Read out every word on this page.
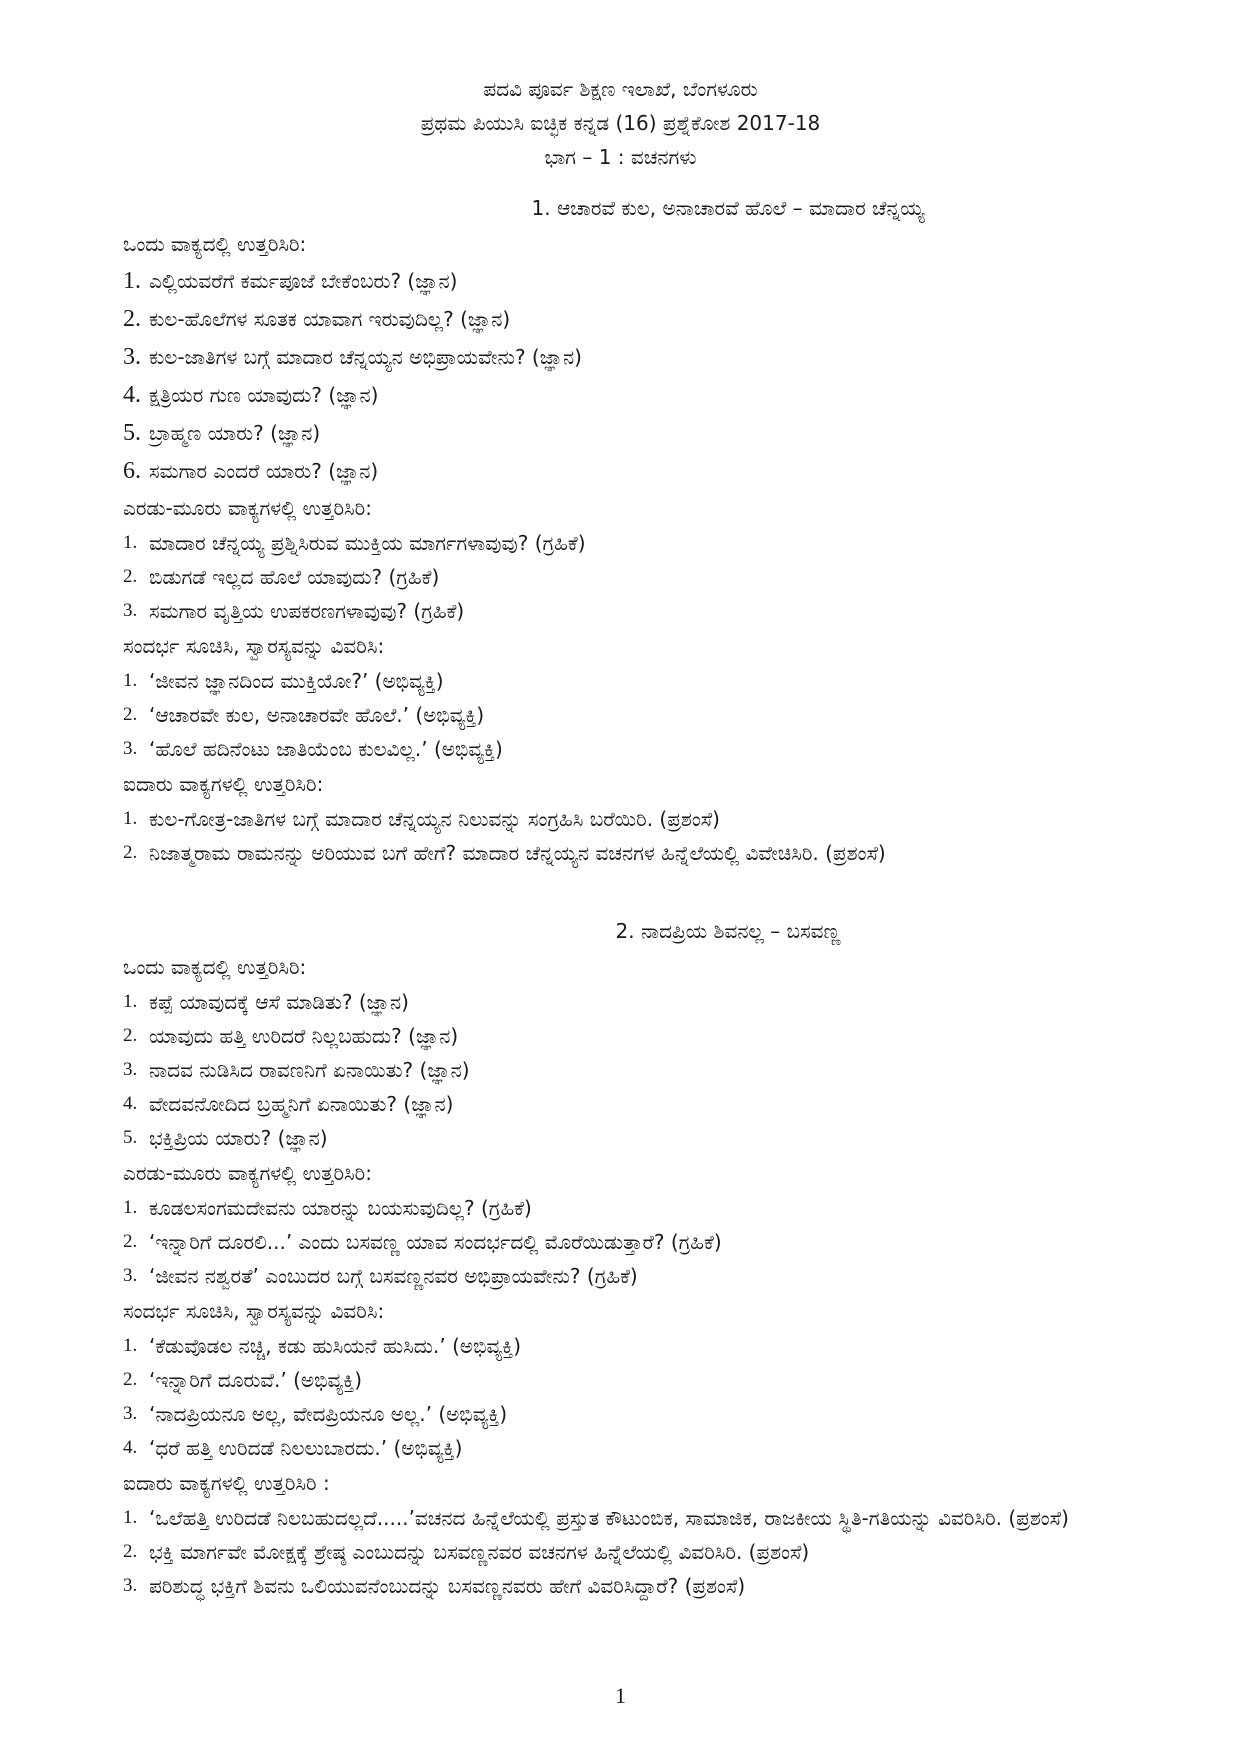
ಪದವಿ ಪೂರ್ವ ಶಿಕ್ಷಣ ಇಲಾಖೆ, ಬೆಂಗಳೂರು
ಪ್ರಥಮ ಪಿಯುಸಿ ಐಚ್ಛಿಕ ಕನ್ನಡ (16) ಪ್ರಶ್ನೆಕೋಶ 2017-18
ಭಾಗ – 1 : ವಚನಗಳು
1. ಆಚಾರವೆ ಕುಲ, ಅನಾಚಾರವೆ ಹೊಲೆ – ಮಾದಾರ ಚೆನ್ನಯ್ಯ
ಒಂದು ವಾಕ್ಯದಲ್ಲಿ ಉತ್ತರಿಸಿರಿ:
1. ಎಲ್ಲಿಯವರೆಗೆ ಕರ್ಮಪೂಜೆ ಬೇಕೆಂಬರು? (ಜ್ಞಾನ)
2. ಕುಲ-ಹೊಲೆಗಳ ಸೂತಕ ಯಾವಾಗ ಇರುವುದಿಲ್ಲ? (ಜ್ಞಾನ)
3. ಕುಲ-ಜಾತಿಗಳ ಬಗ್ಗೆ ಮಾದಾರ ಚೆನ್ನಯ್ಯನ ಅಭಿಪ್ರಾಯವೇನು? (ಜ್ಞಾನ)
4. ಕ್ಷತ್ರಿಯರ ಗುಣ ಯಾವುದು? (ಜ್ಞಾನ)
5. ಬ್ರಾಹ್ಮಣ ಯಾರು? (ಜ್ಞಾನ)
6. ಸಮಗಾರ ಎಂದರೆ ಯಾರು? (ಜ್ಞಾನ)
ಎರಡು-ಮೂರು ವಾಕ್ಯಗಳಲ್ಲಿ ಉತ್ತರಿಸಿರಿ:
1. ಮಾದಾರ ಚೆನ್ನಯ್ಯ ಪ್ರಶ್ನಿಸಿರುವ ಮುಕ್ತಿಯ ಮಾರ್ಗಗಳಾವುವು? (ಗ್ರಹಿಕೆ)
2. ಬಿಡುಗಡೆ ಇಲ್ಲದ ಹೊಲೆ ಯಾವುದು? (ಗ್ರಹಿಕೆ)
3. ಸಮಗಾರ ವೃತ್ತಿಯ ಉಪಕರಣಗಳಾವುವು? (ಗ್ರಹಿಕೆ)
ಸಂದರ್ಭ ಸೂಚಿಸಿ, ಸ್ವಾರಸ್ಯವನ್ನು ವಿವರಿಸಿ:
1. ‘ಜೀವನ ಜ್ಞಾನದಿಂದ ಮುಕ್ತಿಯೋ?’ (ಅಭಿವ್ಯಕ್ತಿ)
2. ‘ಆಚಾರವೇ ಕುಲ, ಅನಾಚಾರವೇ ಹೊಲೆ.’ (ಅಭಿವ್ಯಕ್ತಿ)
3. ‘ಹೊಲೆ ಹದಿನೆಂಟು ಜಾತಿಯೆಂಬ ಕುಲವಿಲ್ಲ.’ (ಅಭಿವ್ಯಕ್ತಿ)
ಐದಾರು ವಾಕ್ಯಗಳಲ್ಲಿ ಉತ್ತರಿಸಿರಿ:
1. ಕುಲ-ಗೋತ್ರ-ಜಾತಿಗಳ ಬಗ್ಗೆ ಮಾದಾರ ಚೆನ್ನಯ್ಯನ ನಿಲುವನ್ನು ಸಂಗ್ರಹಿಸಿ ಬರೆಯಿರಿ. (ಪ್ರಶಂಸೆ)
2. ನಿಜಾತ್ಮರಾಮ ರಾಮನನ್ನು ಅರಿಯುವ ಬಗೆ ಹೇಗೆ? ಮಾದಾರ ಚೆನ್ನಯ್ಯನ ವಚನಗಳ ಹಿನ್ನೆಲೆಯಲ್ಲಿ ವಿವೇಚಿಸಿರಿ. (ಪ್ರಶಂಸೆ)
2. ನಾದಪ್ರಿಯ ಶಿವನಲ್ಲ – ಬಸವಣ್ಣ
ಒಂದು ವಾಕ್ಯದಲ್ಲಿ ಉತ್ತರಿಸಿರಿ:
1. ಕಪ್ಪೆ ಯಾವುದಕ್ಕೆ ಆಸೆ ಮಾಡಿತು? (ಜ್ಞಾನ)
2. ಯಾವುದು ಹತ್ತಿ ಉರಿದರೆ ನಿಲ್ಲಬಹುದು? (ಜ್ಞಾನ)
3. ನಾದವ ನುಡಿಸಿದ ರಾವಣನಿಗೆ ಏನಾಯಿತು? (ಜ್ಞಾನ)
4. ವೇದವನೋದಿದ ಬ್ರಹ್ಮನಿಗೆ ಏನಾಯಿತು? (ಜ್ಞಾನ)
5. ಭಕ್ತಿಪ್ರಿಯ ಯಾರು? (ಜ್ಞಾನ)
ಎರಡು-ಮೂರು ವಾಕ್ಯಗಳಲ್ಲಿ ಉತ್ತರಿಸಿರಿ:
1. ಕೂಡಲಸಂಗಮದೇವನು ಯಾರನ್ನು ಬಯಸುವುದಿಲ್ಲ? (ಗ್ರಹಿಕೆ)
2. ‘ಇನ್ನಾರಿಗೆ ದೂರಲಿ...’ ಎಂದು ಬಸವಣ್ಣ ಯಾವ ಸಂದರ್ಭದಲ್ಲಿ ಮೊರೆಯಿಡುತ್ತಾರೆ? (ಗ್ರಹಿಕೆ)
3. ‘ಜೀವನ ನಶ್ವರತೆ’ ಎಂಬುದರ ಬಗ್ಗೆ ಬಸವಣ್ಣನವರ ಅಭಿಪ್ರಾಯವೇನು? (ಗ್ರಹಿಕೆ)
ಸಂದರ್ಭ ಸೂಚಿಸಿ, ಸ್ವಾರಸ್ಯವನ್ನು ವಿವರಿಸಿ:
1. ‘ಕೆಡುವೊಡಲ ನಚ್ಚಿ, ಕಡು ಹುಸಿಯನೆ ಹುಸಿದು.’ (ಅಭಿವ್ಯಕ್ತಿ)
2. ‘ಇನ್ನಾರಿಗೆ ದೂರುವೆ.’ (ಅಭಿವ್ಯಕ್ತಿ)
3. ‘ನಾದಪ್ರಿಯನೂ ಅಲ್ಲ, ವೇದಪ್ರಿಯನೂ ಅಲ್ಲ.’ (ಅಭಿವ್ಯಕ್ತಿ)
4. ‘ಧರೆ ಹತ್ತಿ ಉರಿದಡೆ ನಿಲಲುಬಾರದು.’ (ಅಭಿವ್ಯಕ್ತಿ)
ಐದಾರು ವಾಕ್ಯಗಳಲ್ಲಿ ಉತ್ತರಿಸಿರಿ :
1. ‘ಒಲೆಹತ್ತಿ ಉರಿದಡೆ ನಿಲಬಹುದಲ್ಲದೆ.....’ವಚನದ ಹಿನ್ನೆಲೆಯಲ್ಲಿ ಪ್ರಸ್ತುತ ಕೌಟುಂಬಿಕ, ಸಾಮಾಜಿಕ, ರಾಜಕೀಯ ಸ್ಥಿತಿ-ಗತಿಯನ್ನು ವಿವರಿಸಿರಿ. (ಪ್ರಶಂಸೆ)
2. ಭಕ್ತಿ ಮಾರ್ಗವೇ ಮೋಕ್ಷಕ್ಕೆ ಶ್ರೇಷ್ಠ ಎಂಬುದನ್ನು ಬಸವಣ್ಣನವರ ವಚನಗಳ ಹಿನ್ನೆಲೆಯಲ್ಲಿ ವಿವರಿಸಿರಿ. (ಪ್ರಶಂಸೆ)
3. ಪರಿಶುದ್ಧ ಭಕ್ತಿಗೆ ಶಿವನು ಒಲಿಯುವನೆಂಬುದನ್ನು ಬಸವಣ್ಣನವರು ಹೇಗೆ ವಿವರಿಸಿದ್ದಾರೆ? (ಪ್ರಶಂಸೆ)
1
